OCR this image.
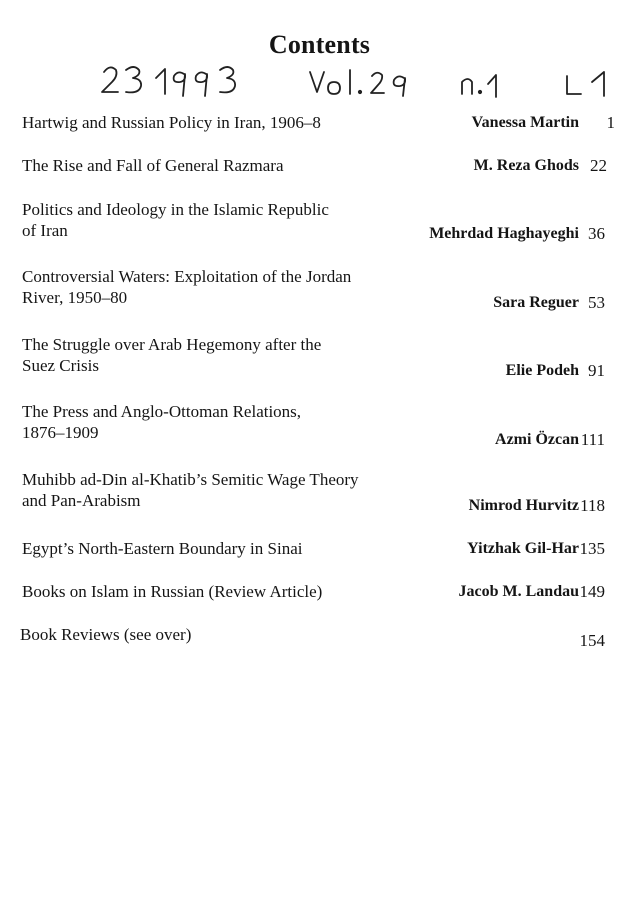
Contents
Hartwig and Russian Policy in Iran, 1906–8	Vanessa Martin 1
The Rise and Fall of General Razmara	M. Reza Ghods 22
Politics and Ideology in the Islamic Republic
of Iran	Mehrdad Haghayeghi 36
Controversial Waters: Exploitation of the Jordan
River, 1950–80	Sara Reguer 53
The Struggle over Arab Hegemony after the
Suez Crisis	Elie Podeh 91
The Press and Anglo-Ottoman Relations,
1876–1909	Azmi Özcan 111
Muhibb ad-Din al-Khatib’s Semitic Wage Theory
and Pan-Arabism	Nimrod Hurvitz 118
Egypt’s North-Eastern Boundary in Sinai	Yitzhak Gil-Har 135
Books on Islam in Russian (Review Article)	Jacob M. Landau 149
Book Reviews (see over)	154
